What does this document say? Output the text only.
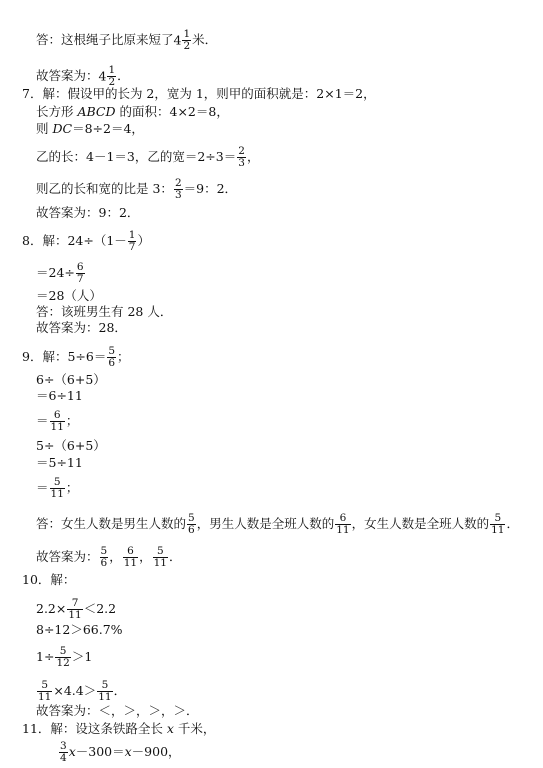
答：这根绳子比原来短了$4 \frac{1}{2}$ 米．
故答案为：$4 \frac{1}{2}$ ．
7．解：假设甲的长为 2，宽为 1，则甲的面积就是：2×1＝2，
长方形 ABCD 的面积：4×2＝8，
则 DC＝8÷2＝4，
乙的长：4－1＝3，乙的宽$=2\div 3= \frac{2}{3}$ ，
则乙的长和宽的比是 3： $\frac{2}{3} =9$：2．
故答案为：9：2．
8．解：$24\div(1- \frac{1}{7}$ ）
$=24\div \frac{6}{7}$
＝28（人）
答：该班男生有 28 人．
故答案为：28．
9．解：$5\div 6= \frac{5}{6}$ ；
6÷（6+5）
＝6÷11
＝ $\frac{6}{11}$ ；
5÷（6+5）
＝5÷11
＝ $\frac{5}{11}$ ；
答：女生人数是男生人数的 $\frac{5}{6}$ ，男生人数是全班人数的 $\frac{6}{11}$ ，女生人数是全班人数的 $\frac{5}{11}$ ．
故答案为： $\frac{5}{6}$ ， $\frac{6}{11}$ ， $\frac{5}{11}$ ．
10．解：
$2.2\times \frac{7}{11} <2.2$
8÷12＞66.7%
$1\div \frac{5}{12} >1$
$\frac{5}{11} \times 4.4> \frac{5}{11}$ ．
故答案为：＜，＞，＞，＞．
11．解：设这条铁路全长 x 千米，
$\frac{3}{4} x-300=x-900$，
